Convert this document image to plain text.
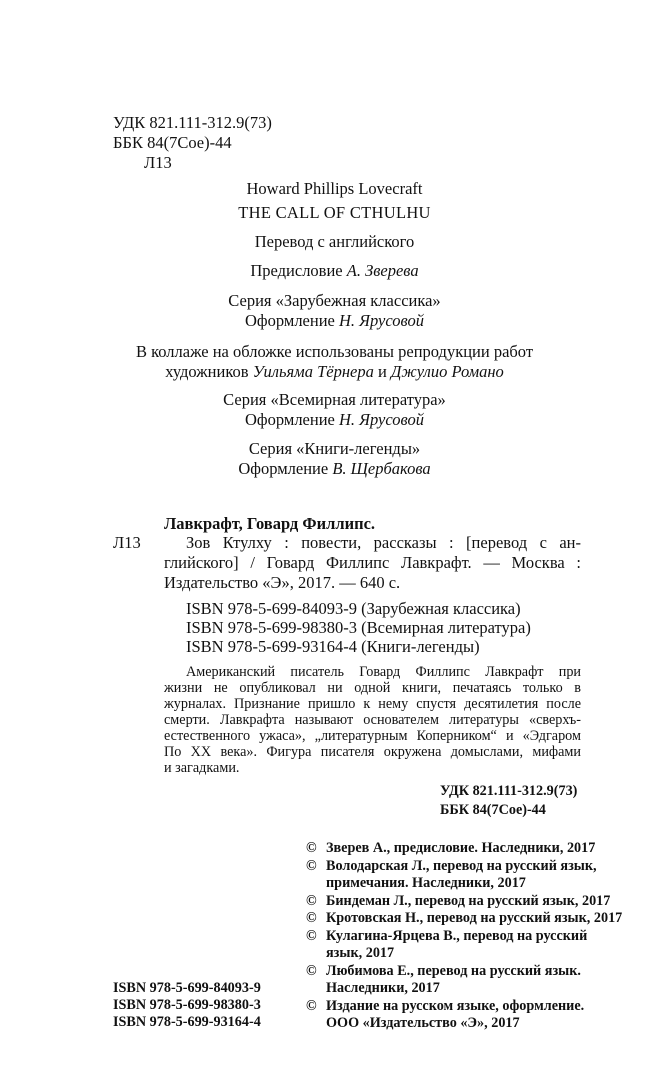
УДК 821.111-312.9(73)
ББК 84(7Сое)-44
Л13
Howard Phillips Lovecraft
THE CALL OF CTHULHU
Перевод с английского
Предисловие А. Зверева
Серия «Зарубежная классика»
Оформление Н. Ярусовой
В коллаже на обложке использованы репродукции работ
художников Уильяма Тёрнера и Джулио Романо
Серия «Всемирная литература»
Оформление Н. Ярусовой
Серия «Книги-легенды»
Оформление В. Щербакова
Лавкрафт, Говард Филлипс.
Л13	Зов Ктулху : повести, рассказы : [перевод с ан-
глийского] / Говард Филлипс Лавкрафт. — Москва :
Издательство «Э», 2017. — 640 с.
ISBN 978-5-699-84093-9 (Зарубежная классика)
ISBN 978-5-699-98380-3 (Всемирная литература)
ISBN 978-5-699-93164-4 (Книги-легенды)
Американский писатель Говард Филлипс Лавкрафт при
жизни не опубликовал ни одной книги, печатаясь только в
журналах. Признание пришло к нему спустя десятилетия после
смерти. Лавкрафта называют основателем литературы «сверхъ-
естественного ужаса», „литературным Коперником“ и «Эдгаром
По XX века». Фигура писателя окружена домыслами, мифами
и загадками.
УДК 821.111-312.9(73)
ББК 84(7Сое)-44
© Зверев А., предисловие. Наследники, 2017
© Володарская Л., перевод на русский язык,
примечания. Наследники, 2017
© Биндеман Л., перевод на русский язык, 2017
© Кротовская Н., перевод на русский язык, 2017
© Кулагина-Ярцева В., перевод на русский
язык, 2017
© Любимова Е., перевод на русский язык.
Наследники, 2017
© Издание на русском языке, оформление.
ООО «Издательство «Э», 2017
ISBN 978-5-699-84093-9
ISBN 978-5-699-98380-3
ISBN 978-5-699-93164-4
